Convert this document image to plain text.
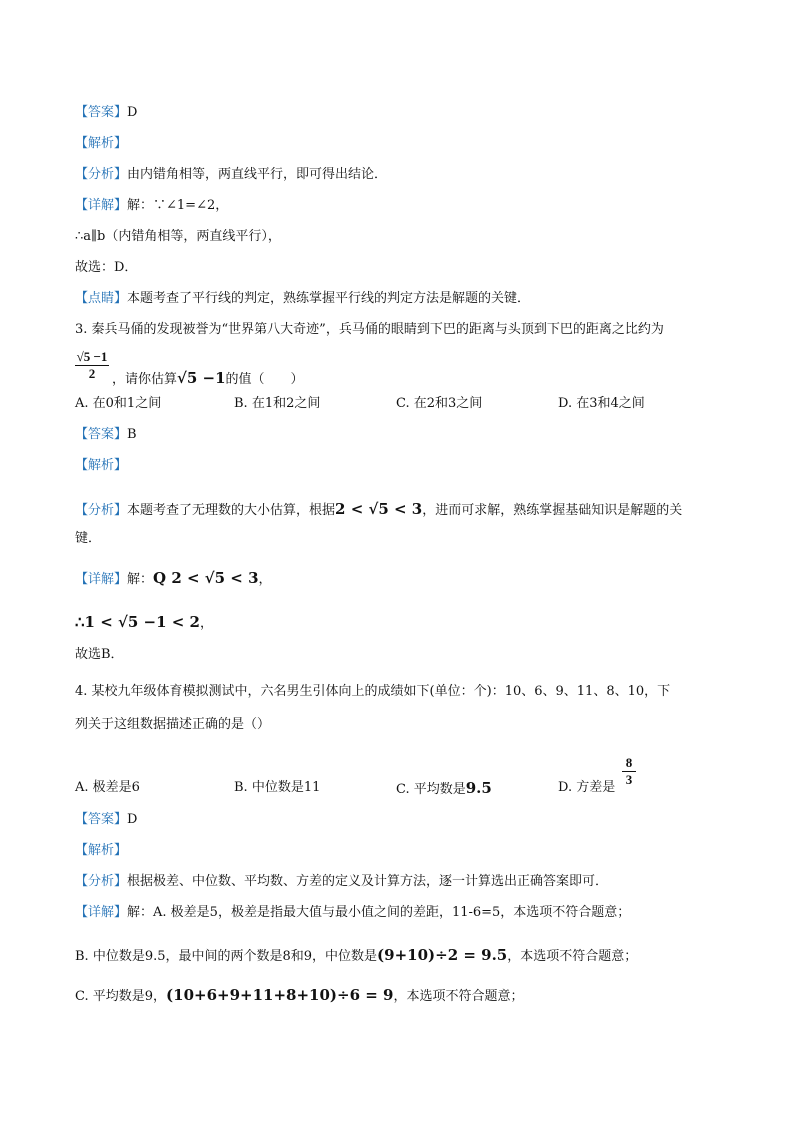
【答案】D
【解析】
【分析】由内错角相等，两直线平行，即可得出结论．
【详解】解：∵∠1=∠2，
∴a∥b（内错角相等，两直线平行），
故选：D．
【点睛】本题考查了平行线的判定，熟练掌握平行线的判定方法是解题的关键．
3. 秦兵马俑的发现被誉为“世界第八大奇迹”，兵马俑的眼睛到下巴的距离与头顶到下巴的距离之比约为
√5 −1
2	，请你估算√5 −1的值（　　）
A. 在0和1之间	B. 在1和2之间	C. 在2和3之间	D. 在3和4之间
【答案】B
【解析】
【分析】本题考查了无理数的大小估算，根据2 < √5 < 3，进而可求解，熟练掌握基础知识是解题的关
键．
【详解】解：Q 2 < √5 < 3，
∴1 < √5 −1 < 2，
故选B．
4. 某校九年级体育模拟测试中，六名男生引体向上的成绩如下(单位：个)：10、6、9、11、8、10，下
列关于这组数据描述正确的是（）
A. 极差是6	B. 中位数是11	C. 平均数是9.5	D. 方差是
8
3
【答案】D
【解析】
【分析】根据极差、中位数、平均数、方差的定义及计算方法，逐一计算选出正确答案即可．
【详解】解：A. 极差是5，极差是指最大值与最小值之间的差距，11-6=5，本选项不符合题意；
B. 中位数是9.5，最中间的两个数是8和9，中位数是(9+10)÷2 = 9.5，本选项不符合题意；
C. 平均数是9，(10+6+9+11+8+10)÷6 = 9，本选项不符合题意；
